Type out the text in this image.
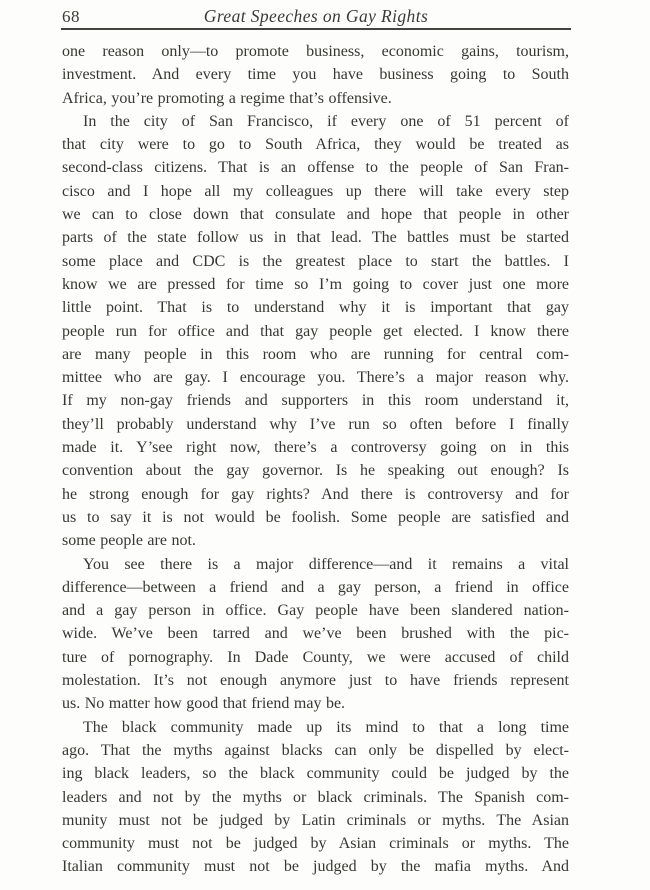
68	Great Speeches on Gay Rights
one reason only—to promote business, economic gains, tourism,
investment. And every time you have business going to South
Africa, you’re promoting a regime that’s offensive.
In the city of San Francisco, if every one of 51 percent of
that city were to go to South Africa, they would be treated as
second-class citizens. That is an offense to the people of San Fran-
cisco and I hope all my colleagues up there will take every step
we can to close down that consulate and hope that people in other
parts of the state follow us in that lead. The battles must be started
some place and CDC is the greatest place to start the battles. I
know we are pressed for time so I’m going to cover just one more
little point. That is to understand why it is important that gay
people run for office and that gay people get elected. I know there
are many people in this room who are running for central com-
mittee who are gay. I encourage you. There’s a major reason why.
If my non-gay friends and supporters in this room understand it,
they’ll probably understand why I’ve run so often before I finally
made it. Y’see right now, there’s a controversy going on in this
convention about the gay governor. Is he speaking out enough? Is
he strong enough for gay rights? And there is controversy and for
us to say it is not would be foolish. Some people are satisfied and
some people are not.
You see there is a major difference—and it remains a vital
difference—between a friend and a gay person, a friend in office
and a gay person in office. Gay people have been slandered nation-
wide. We’ve been tarred and we’ve been brushed with the pic-
ture of pornography. In Dade County, we were accused of child
molestation. It’s not enough anymore just to have friends represent
us. No matter how good that friend may be.
The black community made up its mind to that a long time
ago. That the myths against blacks can only be dispelled by elect-
ing black leaders, so the black community could be judged by the
leaders and not by the myths or black criminals. The Spanish com-
munity must not be judged by Latin criminals or myths. The Asian
community must not be judged by Asian criminals or myths. The
Italian community must not be judged by the mafia myths. And
